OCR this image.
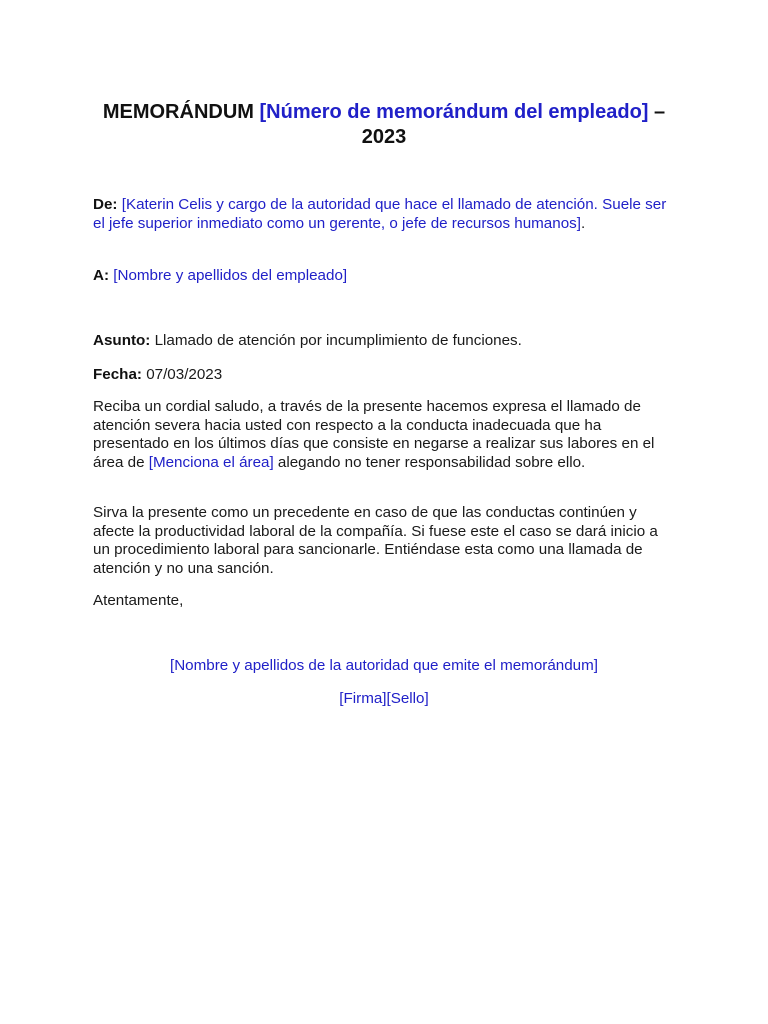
MEMORÁNDUM [Número de memorándum del empleado] – 2023
De: [Katerin Celis y cargo de la autoridad que hace el llamado de atención. Suele ser el jefe superior inmediato como un gerente, o jefe de recursos humanos].
A: [Nombre y apellidos del empleado]
Asunto: Llamado de atención por incumplimiento de funciones.
Fecha: 07/03/2023
Reciba un cordial saludo, a través de la presente hacemos expresa el llamado de atención severa hacia usted con respecto a la conducta inadecuada que ha presentado en los últimos días que consiste en negarse a realizar sus labores en el área de [Menciona el área] alegando no tener responsabilidad sobre ello.
Sirva la presente como un precedente en caso de que las conductas continúen y afecte la productividad laboral de la compañía. Si fuese este el caso se dará inicio a un procedimiento laboral para sancionarle. Entiéndase esta como una llamada de atención y no una sanción.
Atentamente,
[Nombre y apellidos de la autoridad que emite el memorándum]
[Firma][Sello]
